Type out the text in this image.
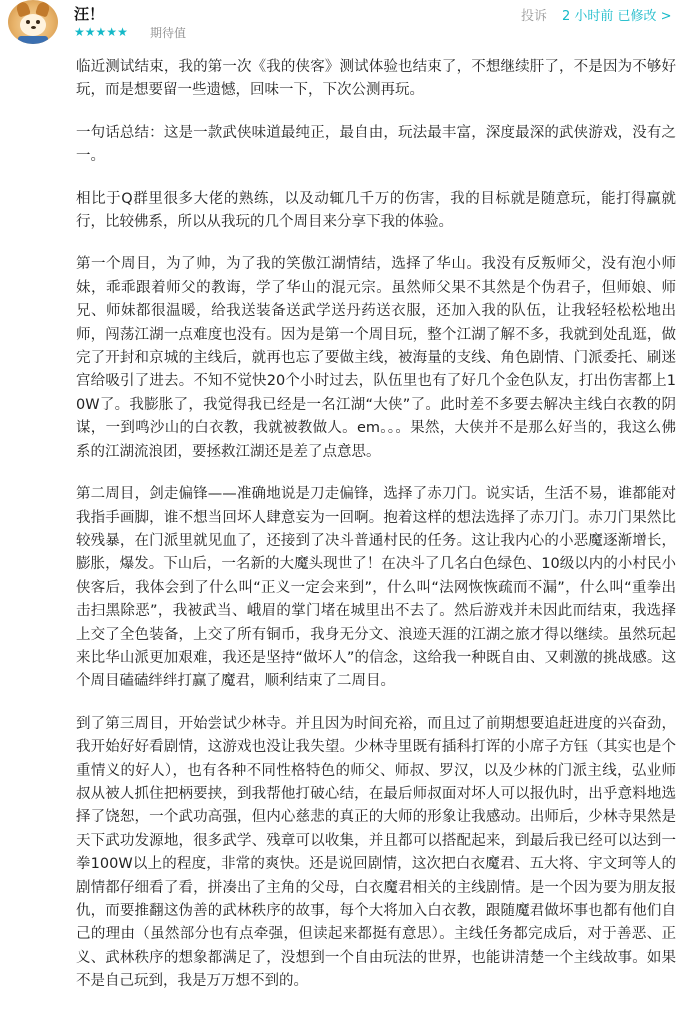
汪！
★★★★★ 期待值
投诉 2 小时前 已修改 >

临近测试结束，我的第一次《我的侠客》测试体验也结束了，不想继续肝了，不是因为不够好玩，而是想要留一些遗憾，回味一下，下次公测再玩。

一句话总结：这是一款武侠味道最纯正，最自由，玩法最丰富，深度最深的武侠游戏，没有之一。

相比于Q群里很多大佬的熟练，以及动辄几千万的伤害，我的目标就是随意玩，能打得赢就行，比较佛系，所以从我玩的几个周目来分享下我的体验。

第一个周目，为了帅，为了我的笑傲江湖情结，选择了华山。我没有反叛师父，没有泡小师妹，乖乖跟着师父的教诲，学了华山的混元宗。虽然师父果不其然是个伪君子，但师娘、师兄、师妹都很温暖，给我送装备送武学送丹药送衣服，还加入我的队伍，让我轻轻松松地出师，闯荡江湖一点难度也没有。因为是第一个周目玩，整个江湖了解不多，我就到处乱逛，做完了开封和京城的主线后，就再也忘了要做主线，被海量的支线、角色剧情、门派委托、刷迷宫给吸引了进去。不知不觉快20个小时过去，队伍里也有了好几个金色队友，打出伤害都上10W了。我膨胀了，我觉得我已经是一名江湖“大侠”了。此时差不多要去解决主线白衣教的阴谋，一到鸣沙山的白衣教，我就被教做人。em。。。果然，大侠并不是那么好当的，我这么佛系的江湖流浪团，要拯救江湖还是差了点意思。

第二周目，剑走偏锋——准确地说是刀走偏锋，选择了赤刀门。说实话，生活不易，谁都能对我指手画脚，谁不想当回坏人肆意妄为一回啊。抱着这样的想法选择了赤刀门。赤刀门果然比较残暴，在门派里就见血了，还接到了决斗普通村民的任务。这让我内心的小恶魔逐渐增长，膨胀，爆发。下山后，一名新的大魔头现世了！在决斗了几名白色绿色、10级以内的小村民小侠客后，我体会到了什么叫“正义一定会来到”，什么叫“法网恢恢疏而不漏”，什么叫“重拳出击扫黑除恶”，我被武当、峨眉的掌门堵在城里出不去了。然后游戏并未因此而结束，我选择上交了全色装备，上交了所有铜币，我身无分文、浪迹天涯的江湖之旅才得以继续。虽然玩起来比华山派更加艰难，我还是坚持“做坏人”的信念，这给我一种既自由、又刺激的挑战感。这个周目磕磕绊绊打赢了魔君，顺利结束了二周目。

到了第三周目，开始尝试少林寺。并且因为时间充裕，而且过了前期想要追赶进度的兴奋劲，我开始好好看剧情，这游戏也没让我失望。少林寺里既有插科打诨的小席子方钰（其实也是个重情义的好人），也有各种不同性格特色的师父、师叔、罗汉，以及少林的门派主线，弘业师叔从被人抓住把柄要挟，到我帮他打破心结，在最后师叔面对坏人可以报仇时，出乎意料地选择了饶恕，一个武功高强，但内心慈悲的真正的大师的形象让我感动。出师后，少林寺果然是天下武功发源地，很多武学、残章可以收集，并且都可以搭配起来，到最后我已经可以达到一拳100W以上的程度，非常的爽快。还是说回剧情，这次把白衣魔君、五大将、宇文珂等人的剧情都仔细看了看，拼凑出了主角的父母，白衣魔君相关的主线剧情。是一个因为要为朋友报仇，而要推翻这伪善的武林秩序的故事，每个大将加入白衣教，跟随魔君做坏事也都有他们自己的理由（虽然部分也有点牵强，但读起来都挺有意思）。主线任务都完成后，对于善恶、正义、武林秩序的想象都满足了，没想到一个自由玩法的世界，也能讲清楚一个主线故事。如果不是自己玩到，我是万万想不到的。
